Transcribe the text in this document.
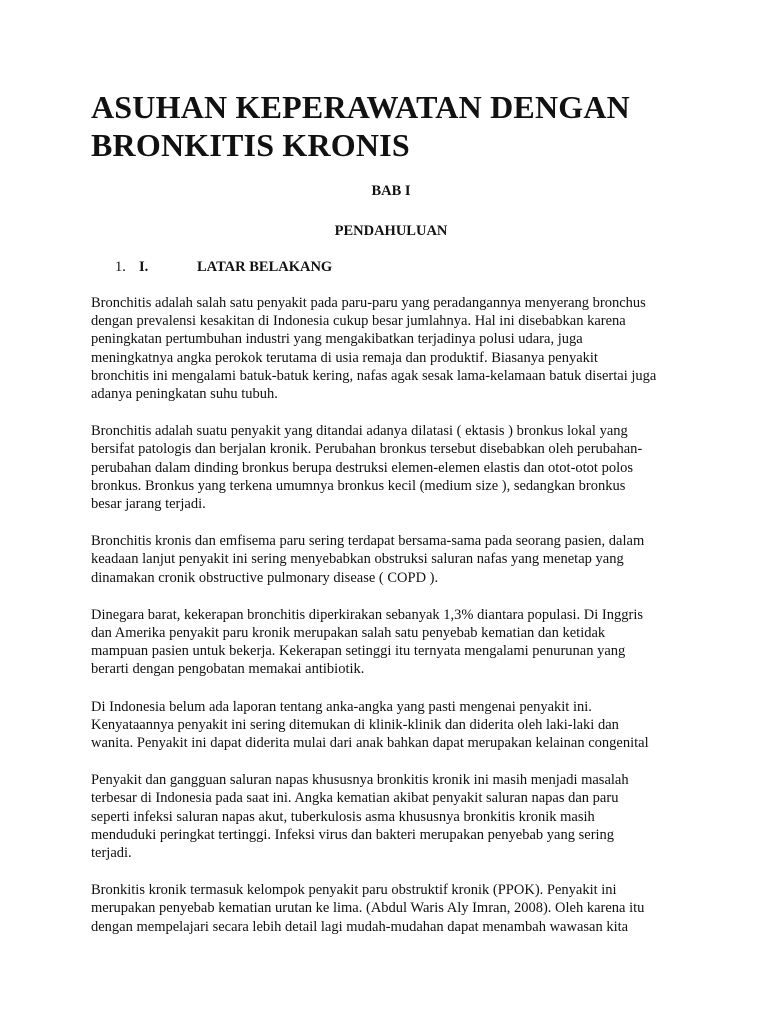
ASUHAN KEPERAWATAN DENGAN
BRONKITIS KRONIS

BAB I

PENDAHULUAN

1. I.	LATAR BELAKANG

Bronchitis adalah salah satu penyakit pada paru-paru yang peradangannya menyerang bronchus
dengan prevalensi kesakitan di Indonesia cukup besar jumlahnya. Hal ini disebabkan karena
peningkatan pertumbuhan industri yang mengakibatkan terjadinya polusi udara, juga
meningkatnya angka perokok terutama di usia remaja dan produktif. Biasanya penyakit
bronchitis ini mengalami batuk-batuk kering, nafas agak sesak lama-kelamaan batuk disertai juga
adanya peningkatan suhu tubuh.

Bronchitis adalah suatu penyakit yang ditandai adanya dilatasi ( ektasis ) bronkus lokal yang
bersifat patologis dan berjalan kronik. Perubahan bronkus tersebut disebabkan oleh perubahan-
perubahan dalam dinding bronkus berupa destruksi elemen-elemen elastis dan otot-otot polos
bronkus. Bronkus yang terkena umumnya bronkus kecil (medium size ), sedangkan bronkus
besar jarang terjadi.

Bronchitis kronis dan emfisema paru sering terdapat bersama-sama pada seorang pasien, dalam
keadaan lanjut penyakit ini sering menyebabkan obstruksi saluran nafas yang menetap yang
dinamakan cronik obstructive pulmonary disease ( COPD ).

Dinegara barat, kekerapan bronchitis diperkirakan sebanyak 1,3% diantara populasi. Di Inggris
dan Amerika penyakit paru kronik merupakan salah satu penyebab kematian dan ketidak
mampuan pasien untuk bekerja. Kekerapan setinggi itu ternyata mengalami penurunan yang
berarti dengan pengobatan memakai antibiotik.

Di Indonesia belum ada laporan tentang anka-angka yang pasti mengenai penyakit ini.
Kenyataannya penyakit ini sering ditemukan di klinik-klinik dan diderita oleh laki-laki dan
wanita. Penyakit ini dapat diderita mulai dari anak bahkan dapat merupakan kelainan congenital

Penyakit dan gangguan saluran napas khususnya bronkitis kronik ini masih menjadi masalah
terbesar di Indonesia pada saat ini. Angka kematian akibat penyakit saluran napas dan paru
seperti infeksi saluran napas akut, tuberkulosis asma khususnya bronkitis kronik masih
menduduki peringkat tertinggi. Infeksi virus dan bakteri merupakan penyebab yang sering
terjadi.

Bronkitis kronik termasuk kelompok penyakit paru obstruktif kronik (PPOK). Penyakit ini
merupakan penyebab kematian urutan ke lima. (Abdul Waris Aly Imran, 2008). Oleh karena itu
dengan mempelajari secara lebih detail lagi mudah-mudahan dapat menambah wawasan kita
